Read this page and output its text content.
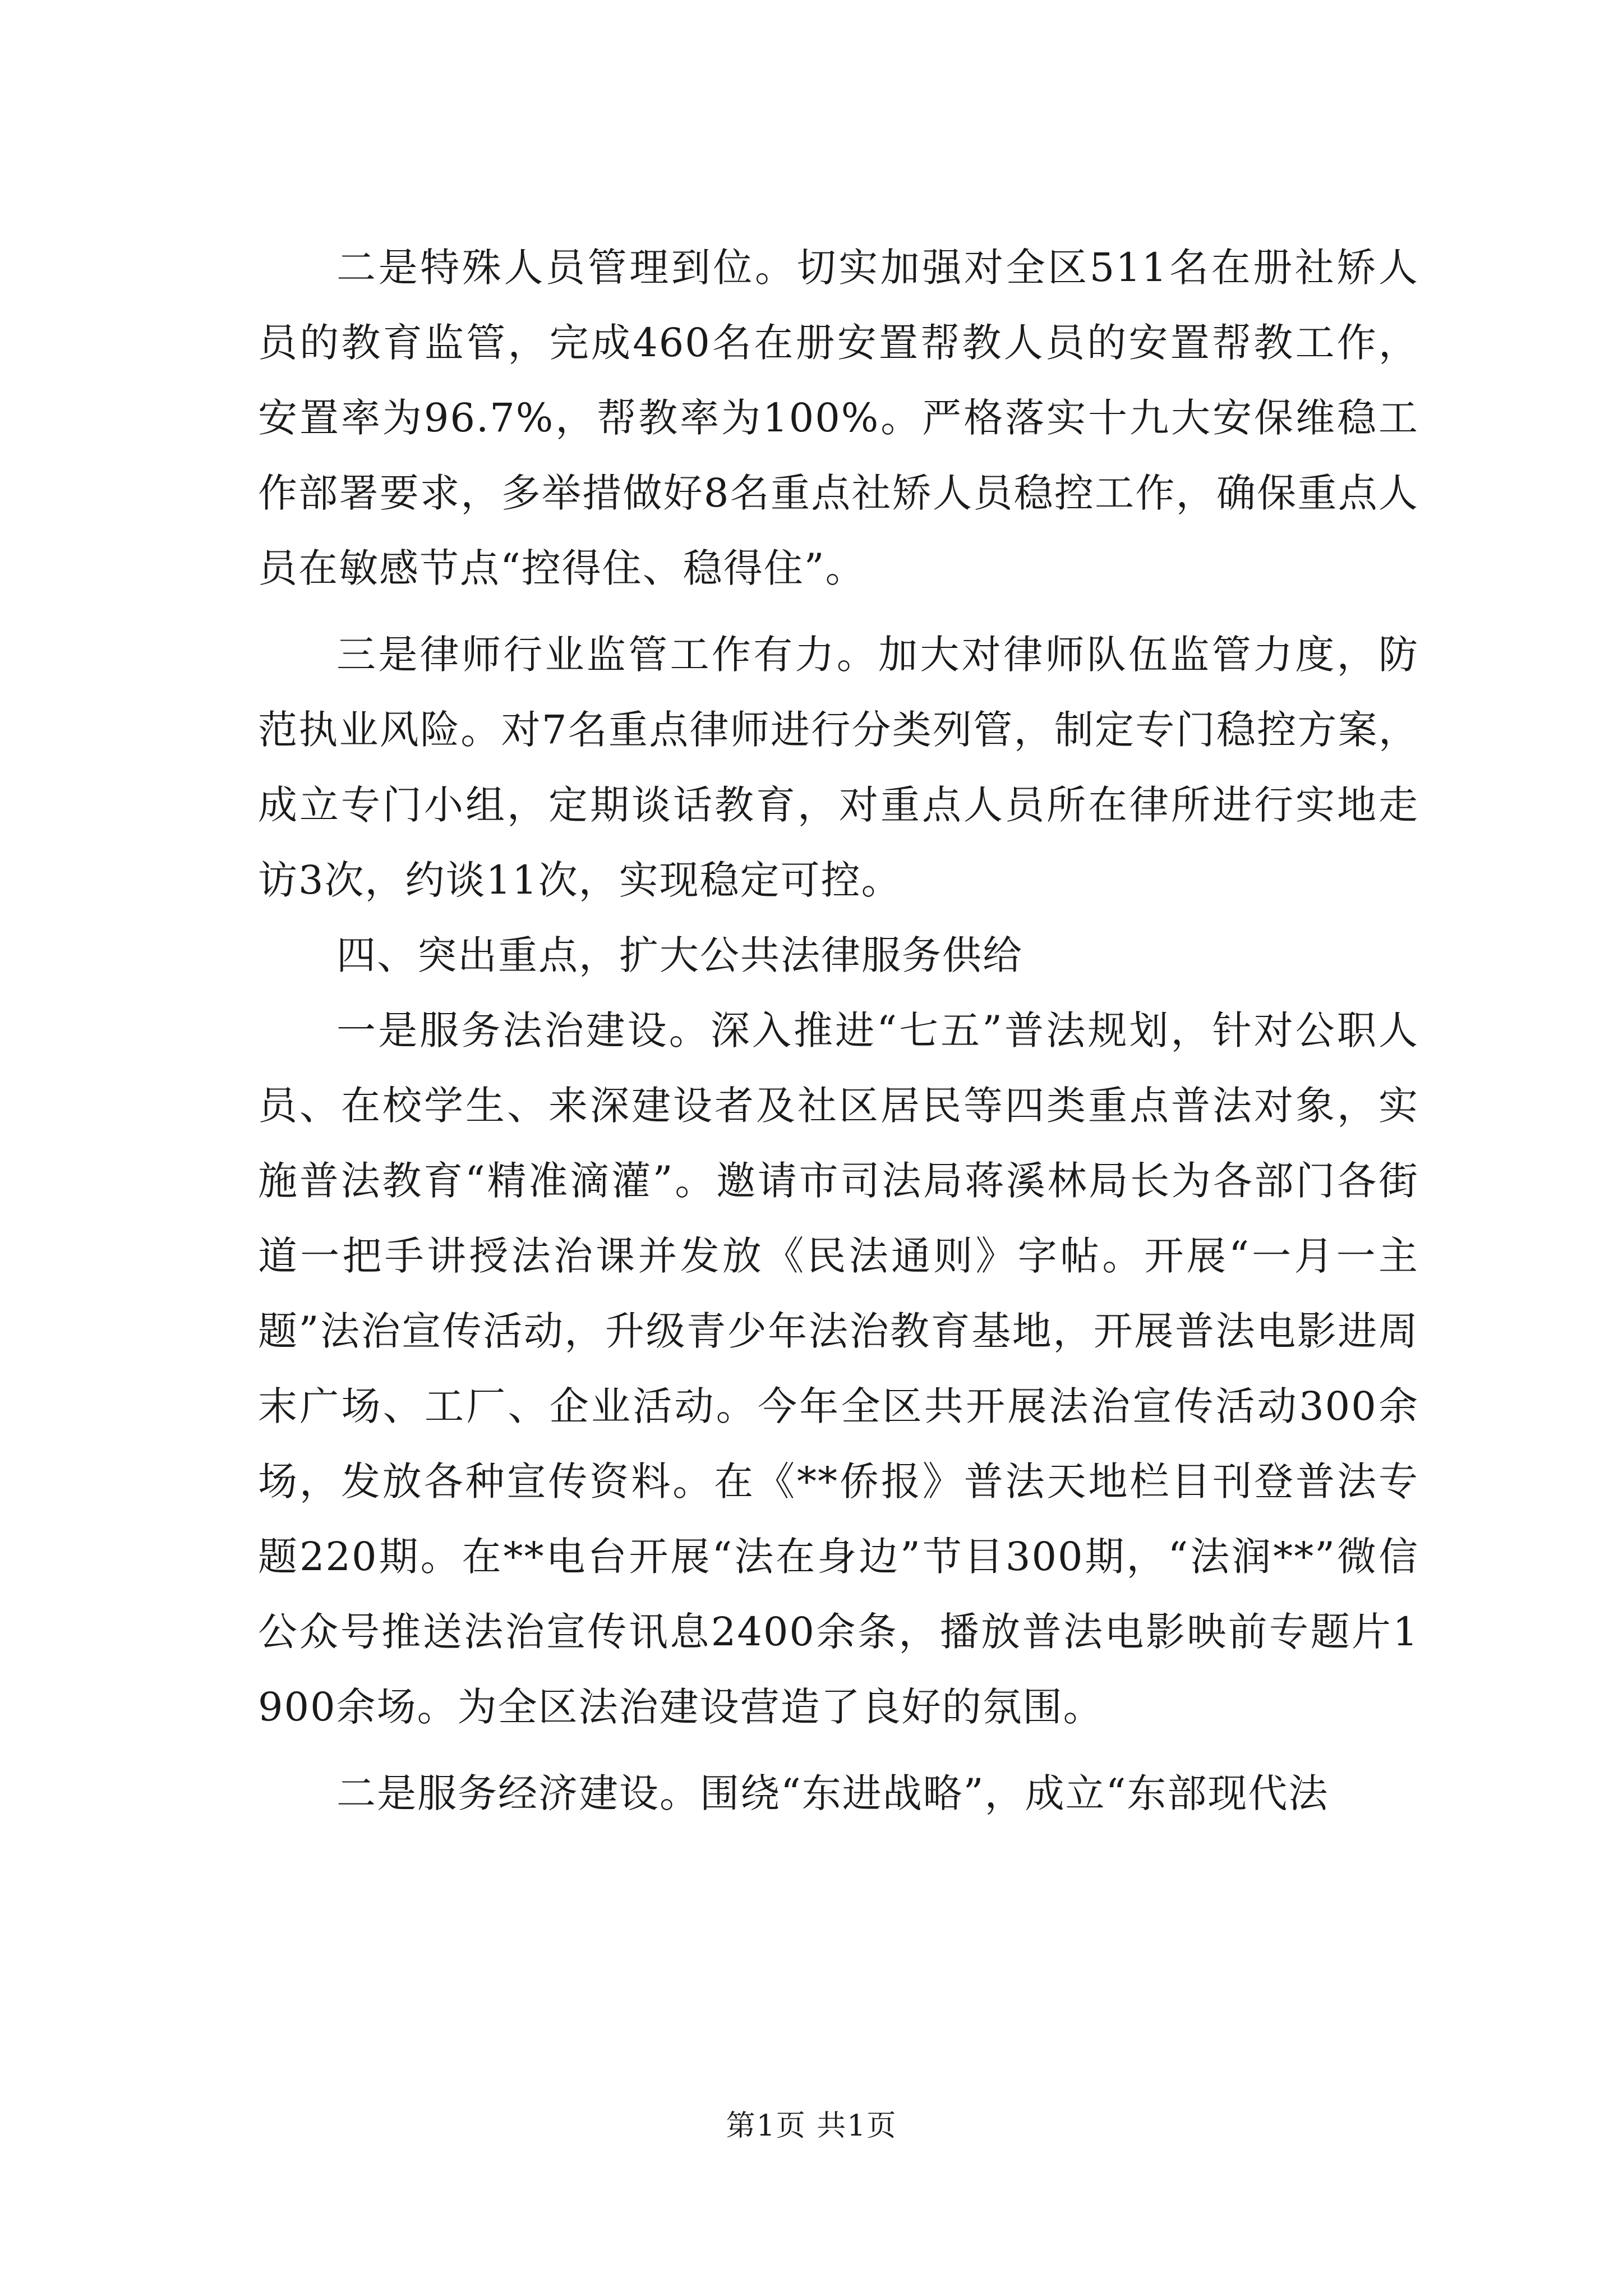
二是特殊人员管理到位。切实加强对全区511名在册社矫人员的教育监管，完成460名在册安置帮教人员的安置帮教工作，安置率为96.7%，帮教率为100%。严格落实十九大安保维稳工作部署要求，多举措做好8名重点社矫人员稳控工作，确保重点人员在敏感节点“控得住、稳得住”。

三是律师行业监管工作有力。加大对律师队伍监管力度，防范执业风险。对7名重点律师进行分类列管，制定专门稳控方案，成立专门小组，定期谈话教育，对重点人员所在律所进行实地走访3次，约谈11次，实现稳定可控。

四、突出重点，扩大公共法律服务供给

一是服务法治建设。深入推进“七五”普法规划，针对公职人员、在校学生、来深建设者及社区居民等四类重点普法对象，实施普法教育“精准滴灌”。邀请市司法局蒋溪林局长为各部门各街道一把手讲授法治课并发放《民法通则》字帖。开展“一月一主题”法治宣传活动，升级青少年法治教育基地，开展普法电影进周末广场、工厂、企业活动。今年全区共开展法治宣传活动300余场，发放各种宣传资料。在《**侨报》普法天地栏目刊登普法专题220期。在**电台开展“法在身边”节目300期，“法润**”微信公众号推送法治宣传讯息2400余条，播放普法电影映前专题片1900余场。为全区法治建设营造了良好的氛围。

二是服务经济建设。围绕“东进战略”，成立“东部现代法

第1页 共1页
